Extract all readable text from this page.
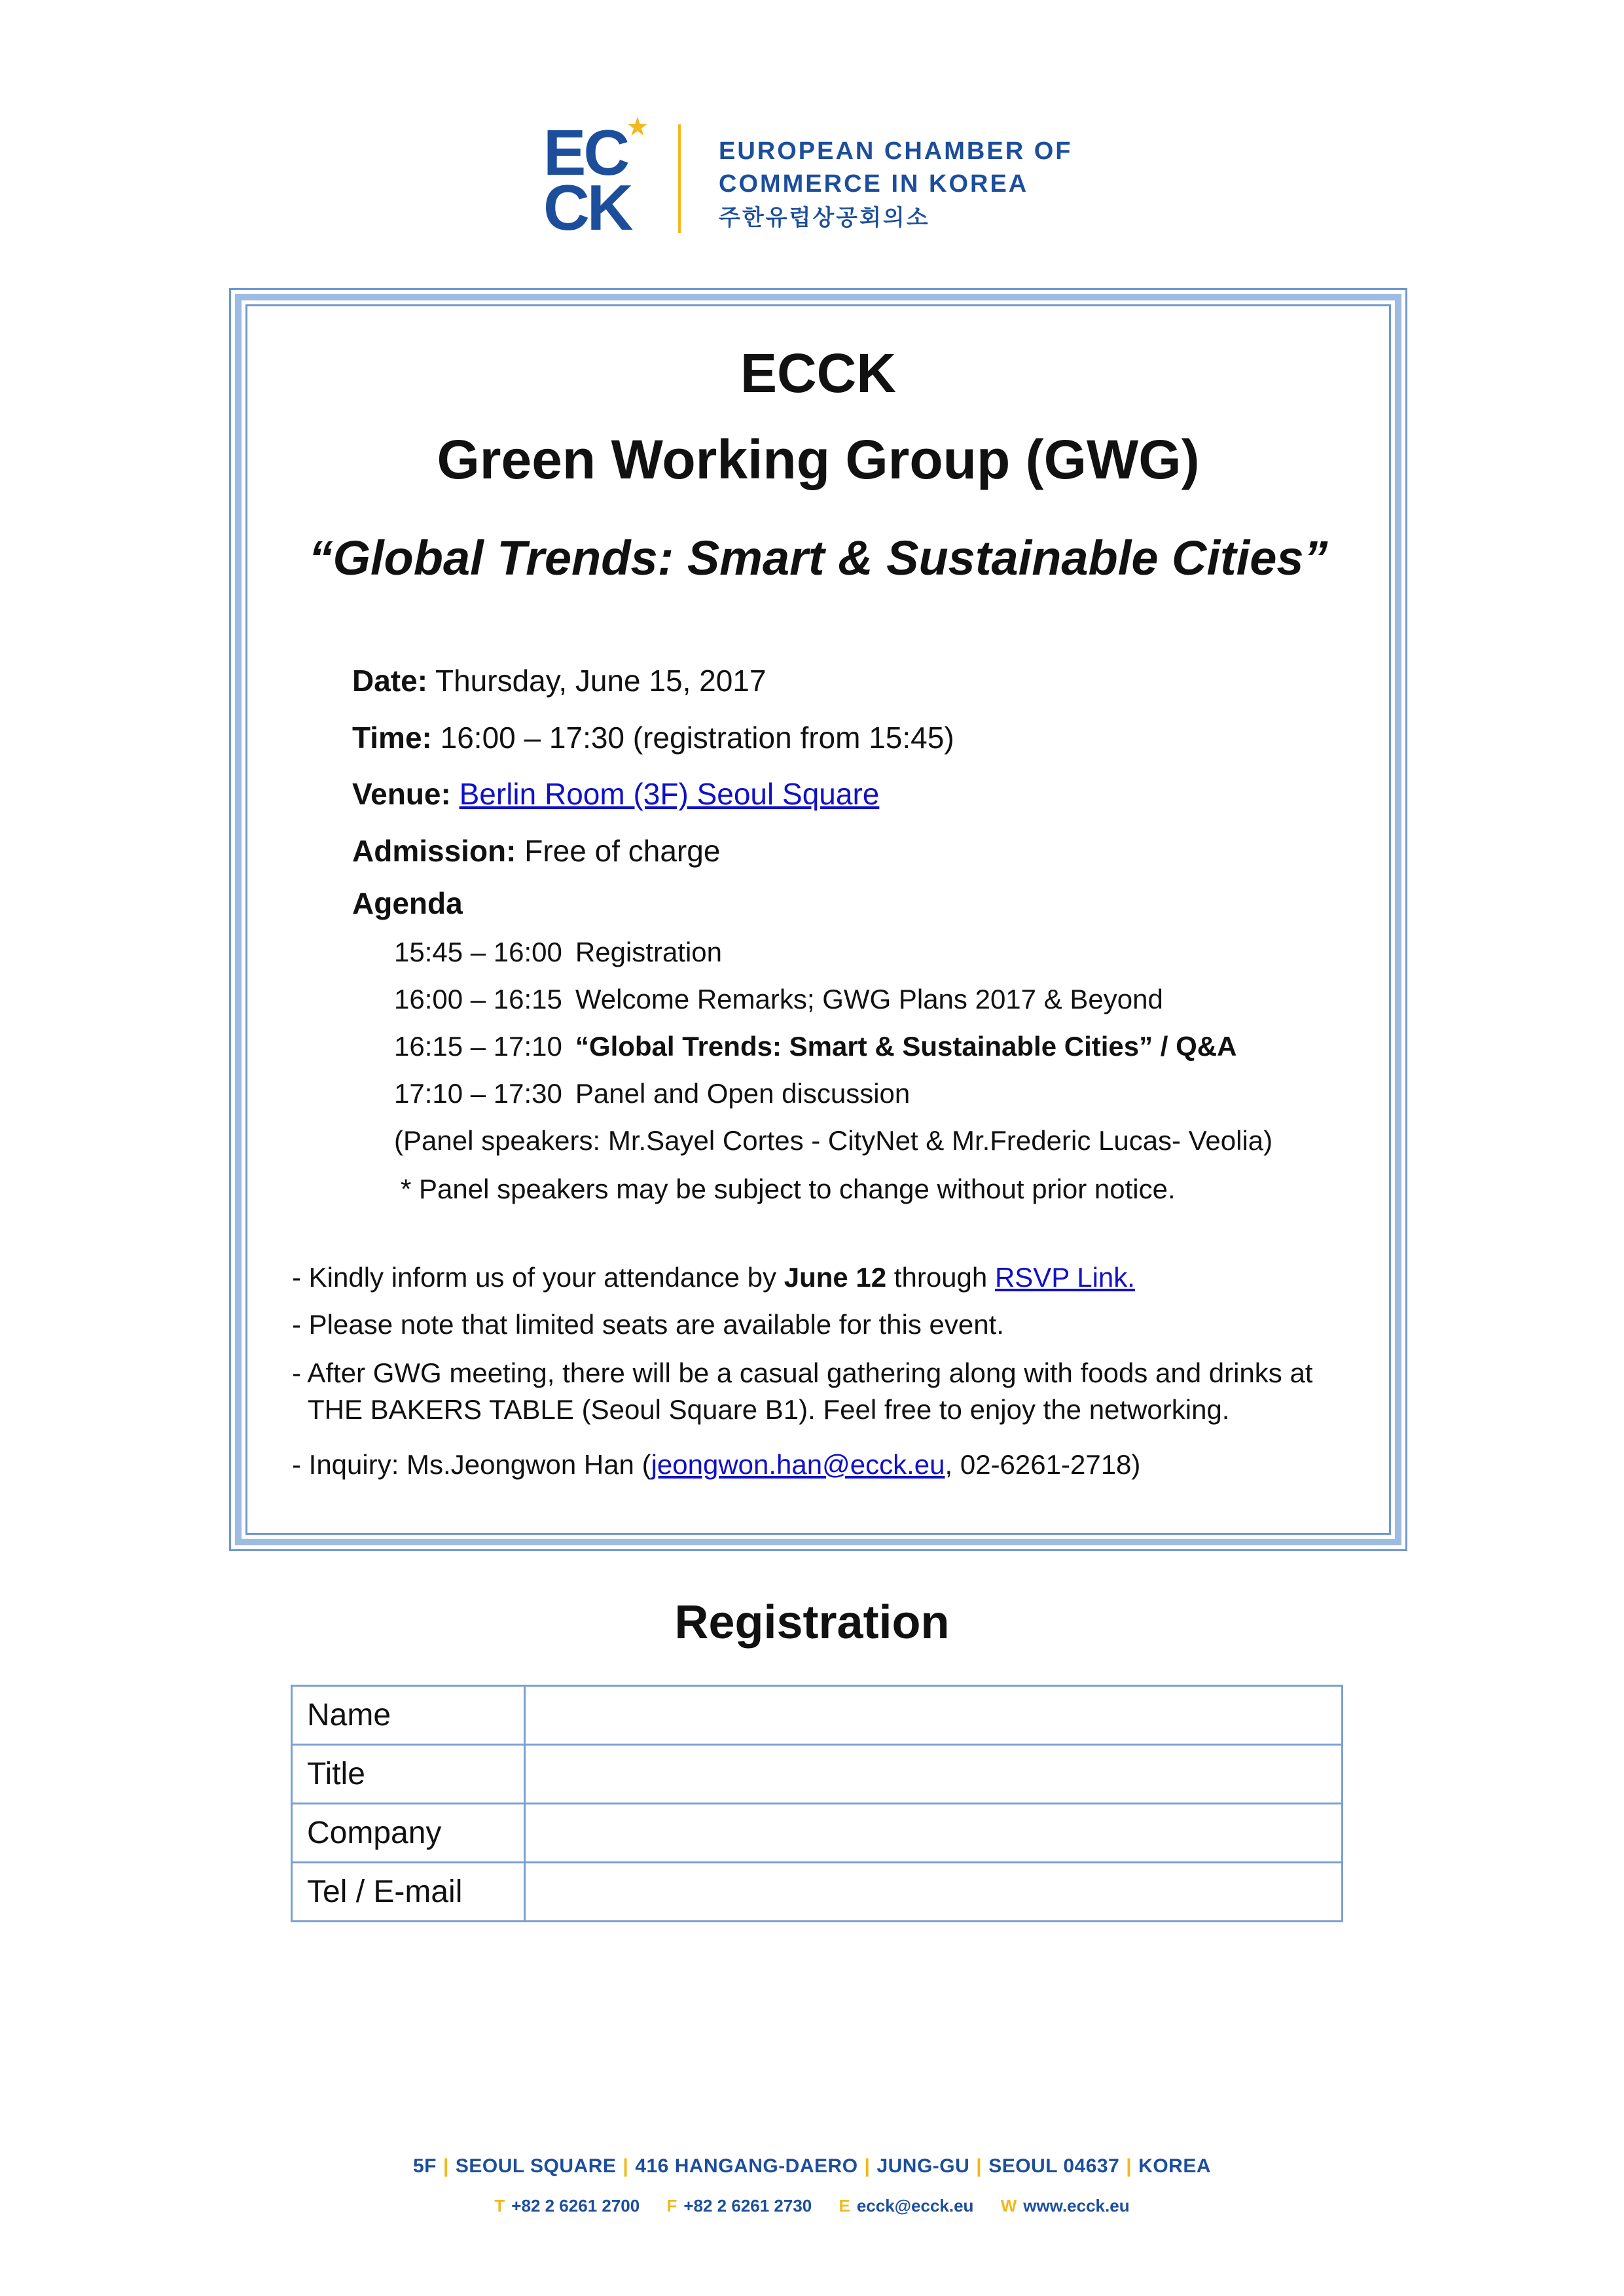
EC
CK
★
EUROPEAN CHAMBER OF
COMMERCE IN KOREA
주한유럽상공회의소
ECCK
Green Working Group (GWG)
“Global Trends: Smart & Sustainable Cities”
Date: Thursday, June 15, 2017
Time: 16:00 – 17:30 (registration from 15:45)
Venue: Berlin Room (3F) Seoul Square
Admission: Free of charge
Agenda
15:45 – 16:00 Registration
16:00 – 16:15 Welcome Remarks; GWG Plans 2017 & Beyond
16:15 – 17:10 “Global Trends: Smart & Sustainable Cities” / Q&A
17:10 – 17:30 Panel and Open discussion
(Panel speakers: Mr.Sayel Cortes - CityNet & Mr.Frederic Lucas- Veolia)
* Panel speakers may be subject to change without prior notice.
- Kindly inform us of your attendance by June 12 through RSVP Link.
- Please note that limited seats are available for this event.
- After GWG meeting, there will be a casual gathering along with foods and drinks at
THE BAKERS TABLE (Seoul Square B1). Feel free to enjoy the networking.
- Inquiry: Ms.Jeongwon Han (jeongwon.han@ecck.eu, 02-6261-2718)
Registration
Name	
Title	
Company	
Tel / E-mail	
5F | SEOUL SQUARE | 416 HANGANG-DAERO | JUNG-GU | SEOUL 04637 | KOREA
T +82 2 6261 2700 F +82 2 6261 2730 E ecck@ecck.eu W www.ecck.eu
